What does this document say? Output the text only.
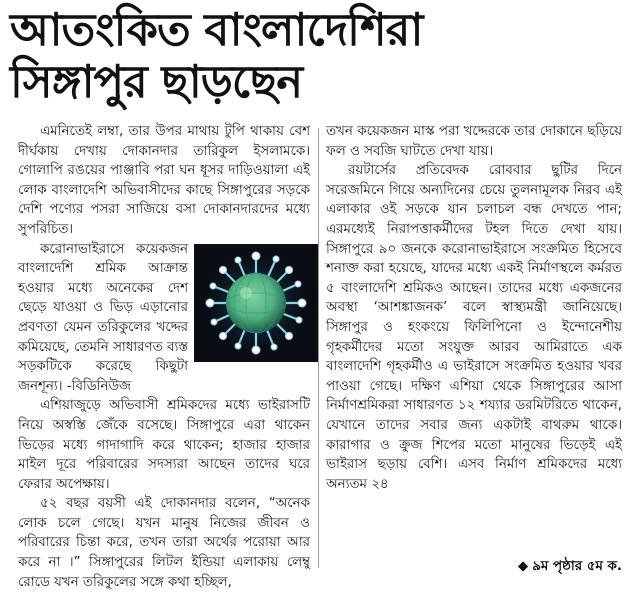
আতংকিত বাংলাদেশিরা
সিঙ্গাপুর ছাড়ছেন

এমনিতেই লম্বা, তার উপর মাথায় টুপি থাকায় বেশ দীর্ঘকায় দেখায় দোকানদার তারিকুল ইসলামকে। গোলাপি রঙয়ের পাঞ্জাবি পরা ঘন ধূসর দাড়িওয়ালা এই লোক বাংলাদেশি অভিবাসীদের কাছে সিঙ্গাপুরের সড়কে দেশি পণ্যের পসরা সাজিয়ে বসা দোকানদারদের মধ্যে সুপরিচিত।

করোনাভাইরাসে কয়েকজন বাংলাদেশি শ্রমিক আক্রান্ত হওয়ার মধ্যে অনেকের দেশ ছেড়ে যাওয়া ও ভিড় এড়ানোর প্রবণতা যেমন তরিকুলের খদ্দের কমিয়েছে, তেমনি সাধারণত ব্যস্ত সড়কটিকে করেছে কিছুটা জনশূন্য। -বিডিনিউজ

এশিয়াজুড়ে অভিবাসী শ্রমিকদের মধ্যে ভাইরাসটি নিয়ে অস্বস্তি জেঁকে বসেছে। সিঙ্গাপুরে এরা থাকেন ভিড়ের মধ্যে গাদাগাদি করে থাকেন; হাজার হাজার মাইল দূরে পরিবারের সদস্যরা আছেন তাদের ঘরে ফেরার অপেক্ষায়।

৫২ বছর বয়সী এই দোকানদার বলেন, “অনেক লোক চলে গেছে। যখন মানুষ নিজের জীবন ও পরিবারের চিন্তা করে, তখন তারা অর্থের পরোয়া আর করে না ।” সিঙ্গাপুরের লিটল ইন্ডিয়া এলাকায় লেম্বু রোডে যখন তরিকুলের সঙ্গে কথা হচ্ছিল,

তখন কয়েকজন মাস্ক পরা খদ্দেরকে তার দোকানে ছড়িয়ে ফল ও সবজি ঘাটতে দেখা যায়।

রয়টার্সের প্রতিবেদক রোববার ছুটির দিনে সরেজমিনে গিয়ে অন্যদিনের চেয়ে তুলনামূলক নিরব এই এলাকার ওই সড়কে যান চলাচল বন্ধ দেখতে পান; এরমধ্যেই নিরাপত্তাকর্মীদের টহল দিতে দেখা যায়। সিঙ্গাপুরে ৯০ জনকে করোনাভাইরাসে সংক্রমিত হিসেবে শনাক্ত করা হয়েছে, যাদের মধ্যে একই নির্মাণস্থলে কর্মরত ৫ বাংলাদেশি শ্রমিকও আছেন। তাদের মধ্যে একজনের অবস্থা ‘আশঙ্কাজনক’ বলে স্বাস্থ্যমন্ত্রী জানিয়েছে। সিঙ্গাপুর ও হংকংয়ে ফিলিপিনো ও ইন্দোনেশীয় গৃহকর্মীদের মতো সংযুক্ত আরব আমিরাতে এক বাংলাদেশি গৃহকর্মীও এ ভাইরাসে সংক্রমিত হওয়ার খবর পাওয়া গেছে। দক্ষিণ এশিয়া থেকে সিঙ্গাপুরের আসা নির্মাণশ্রমিকরা সাধারণত ১২ শয্যার ডরমিটরিতে থাকেন, যেখানে তাদের সবার জন্য একটাই বাথরুম থাকে। কারাগার ও ক্রুজ শিপের মতো মানুষের ভিড়েই এই ভাইরাস ছড়ায় বেশি। এসব নির্মাণ শ্রমিকদের মধ্যে অন্যতম ২৪

◆ ৯ম পৃষ্ঠার ৫ম ক.
